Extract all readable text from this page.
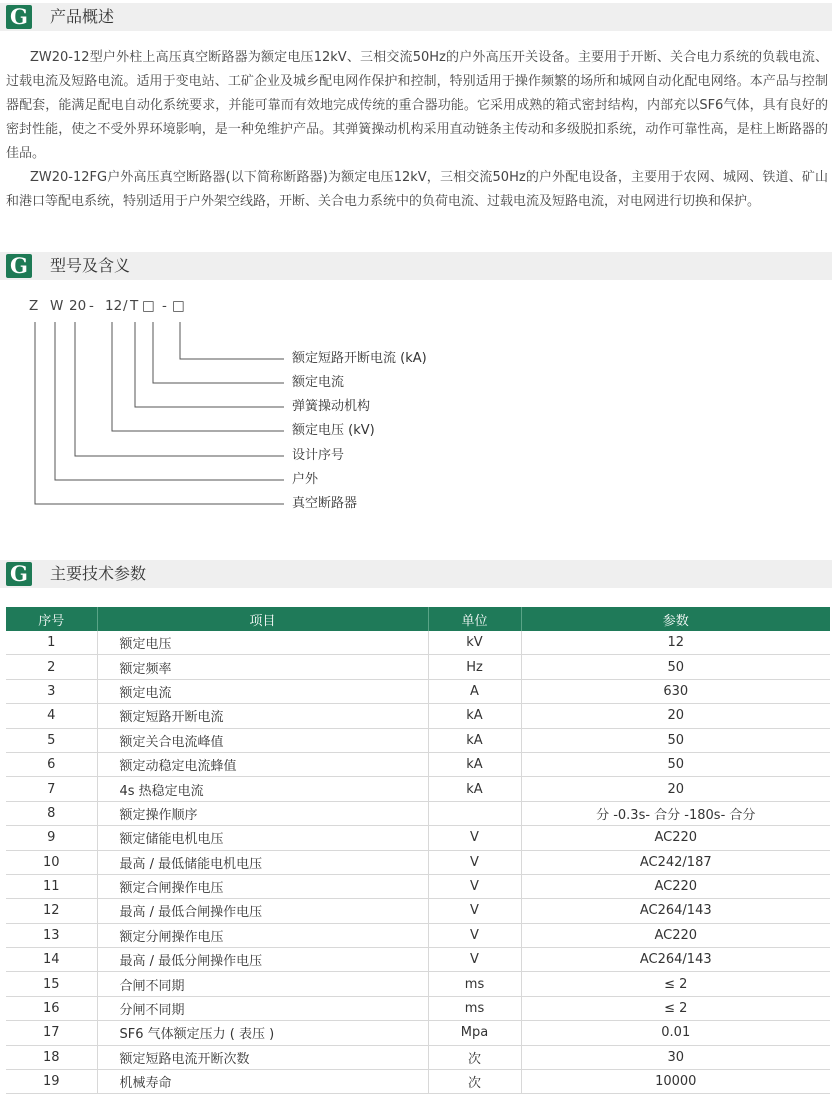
G 产品概述

ZW20-12型户外柱上高压真空断路器为额定电压12kV、三相交流50Hz的户外高压开关设备。主要用于开断、关合电力系统的负载电流、过载电流及短路电流。适用于变电站、工矿企业及城乡配电网作保护和控制，特别适用于操作频繁的场所和城网自动化配电网络。本产品与控制器配套，能满足配电自动化系统要求，并能可靠而有效地完成传统的重合器功能。它采用成熟的箱式密封结构，内部充以SF6气体，具有良好的密封性能，使之不受外界环境影响，是一种免维护产品。其弹簧操动机构采用直动链条主传动和多级脱扣系统，动作可靠性高，是柱上断路器的佳品。

ZW20-12FG户外高压真空断路器(以下简称断路器)为额定电压12kV，三相交流50Hz的户外配电设备，主要用于农网、城网、铁道、矿山和港口等配电系统，特别适用于户外架空线路，开断、关合电力系统中的负荷电流、过载电流及短路电流，对电网进行切换和保护。

G 型号及含义
Z W 20 - 12 / T □ - □
额定短路开断电流 (kA)
额定电流
弹簧操动机构
额定电压 (kV)
设计序号
户外
真空断路器
G 主要技术参数
序号	项目	单位	参数
1	额定电压	kV	12
2	额定频率	Hz	50
3	额定电流	A	630
4	额定短路开断电流	kA	20
5	额定关合电流峰值	kA	50
6	额定动稳定电流蜂值	kA	50
7	4s 热稳定电流	kA	20
8	额定操作顺序		分 -0.3s- 合分 -180s- 合分
9	额定储能电机电压	V	AC220
10	最高 / 最低储能电机电压	V	AC242/187
11	额定合闸操作电压	V	AC220
12	最高 / 最低合闸操作电压	V	AC264/143
13	额定分闸操作电压	V	AC220
14	最高 / 最低分闸操作电压	V	AC264/143
15	合闸不同期	ms	≤ 2
16	分闸不同期	ms	≤ 2
17	SF6 气体额定压力 ( 表压 )	Mpa	0.01
18	额定短路电流开断次数	次	30
19	机械寿命	次	10000
